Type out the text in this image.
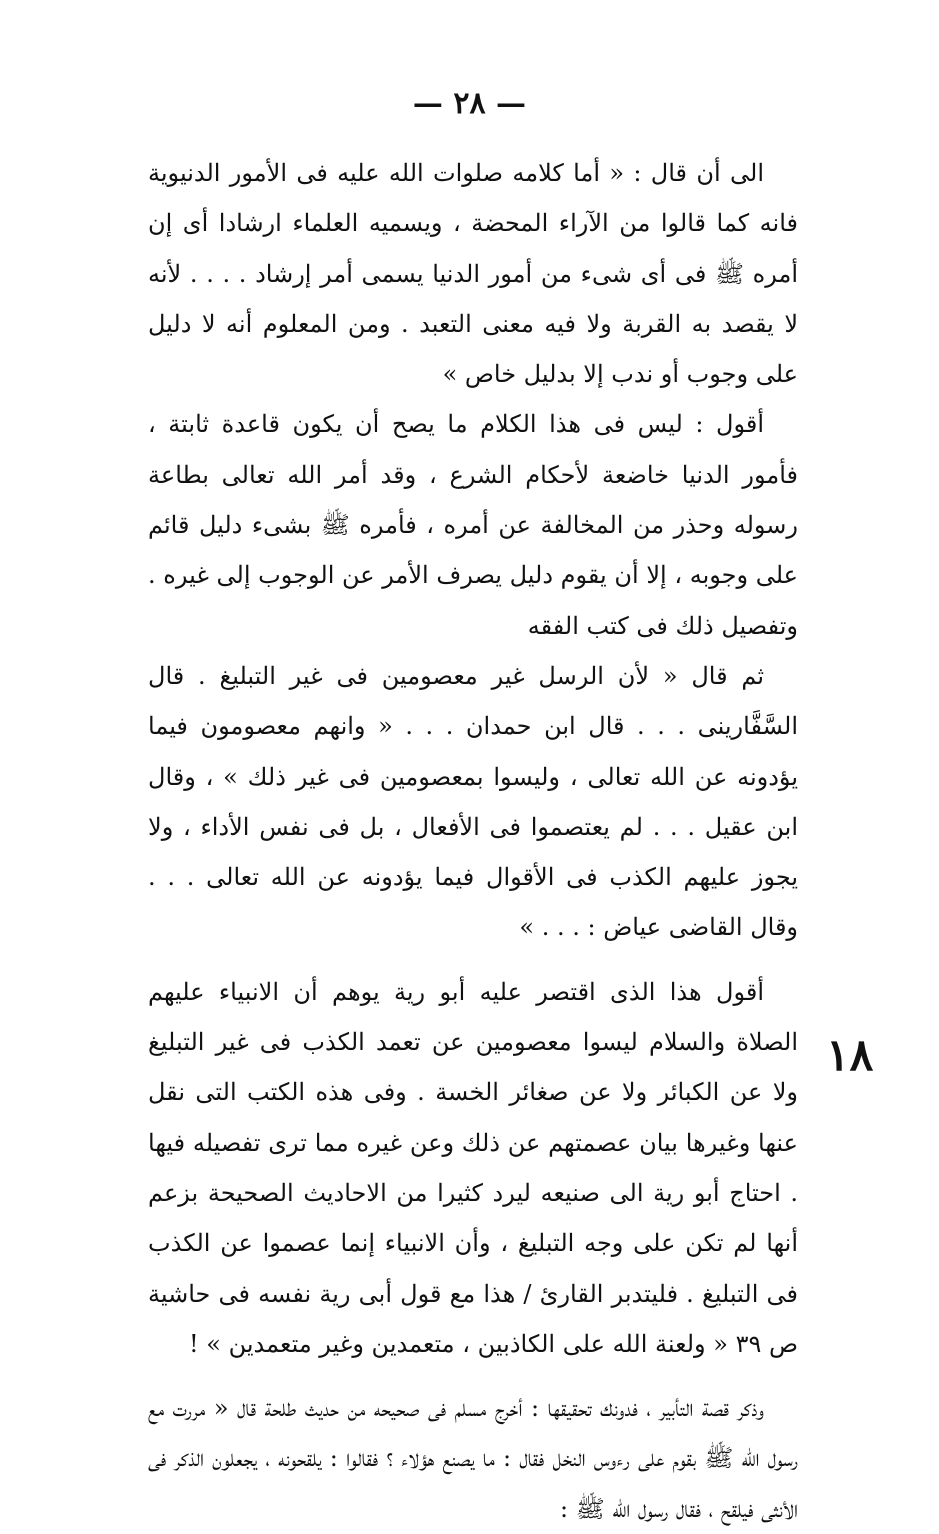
— ٢٨ —

الى أن قال : « أما كلامه صلوات الله عليه فى الأمور الدنيوية فانه كما قالوا من الآراء المحضة ، ويسميه العلماء ارشادا أى إن أمره ﷺ فى أى شىء من أمور الدنيا يسمى أمر إرشاد . . . . لأنه لا يقصد به القربة ولا فيه معنى التعبد . ومن المعلوم أنه لا دليل على وجوب أو ندب إلا بدليل خاص »

أقول : ليس فى هذا الكلام ما يصح أن يكون قاعدة ثابتة ، فأمور الدنيا خاضعة لأحكام الشرع ، وقد أمر الله تعالى بطاعة رسوله وحذر من المخالفة عن أمره ، فأمره ﷺ بشىء دليل قائم على وجوبه ، إلا أن يقوم دليل يصرف الأمر عن الوجوب إلى غيره . وتفصيل ذلك فى كتب الفقه

ثم قال « لأن الرسل غير معصومين فى غير التبليغ . قال السَّفَّارينى . . . قال ابن حمدان . . . « وانهم معصومون فيما يؤدونه عن الله تعالى ، وليسوا بمعصومين فى غير ذلك » ، وقال ابن عقيل . . . لم يعتصموا فى الأفعال ، بل فى نفس الأداء ، ولا يجوز عليهم الكذب فى الأقوال فيما يؤدونه عن الله تعالى . . . وقال القاضى عياض : . . . »

أقول هذا الذى اقتصر عليه أبو رية يوهم أن الانبياء عليهم الصلاة والسلام ليسوا معصومين عن تعمد الكذب فى غير التبليغ ولا عن الكبائر ولا عن صغائر الخسة . وفى هذه الكتب التى نقل عنها وغيرها بيان عصمتهم عن ذلك وعن غيره مما ترى تفصيله فيها . احتاج أبو رية الى صنيعه ليرد كثيرا من الاحاديث الصحيحة بزعم أنها لم تكن على وجه التبليغ ، وأن الانبياء إنما عصموا عن الكذب فى التبليغ . فليتدبر القارئ / هذا مع قول أبى رية نفسه فى حاشية ص ٣٩ « ولعنة الله على الكاذبين ، متعمدين وغير متعمدين » !

وذكر قصة التأبير ، فدونك تحقيقها : أخرج مسلم فى صحيحه من حديث طلحة قال « مررت مع رسول الله ﷺ بقوم على رءوس النخل فقال : ما يصنع هؤلاء ؟ فقالوا : يلقحونه ، يجعلون الذكر فى الأنثى فيلقح ، فقال رسول الله ﷺ :

١٨
